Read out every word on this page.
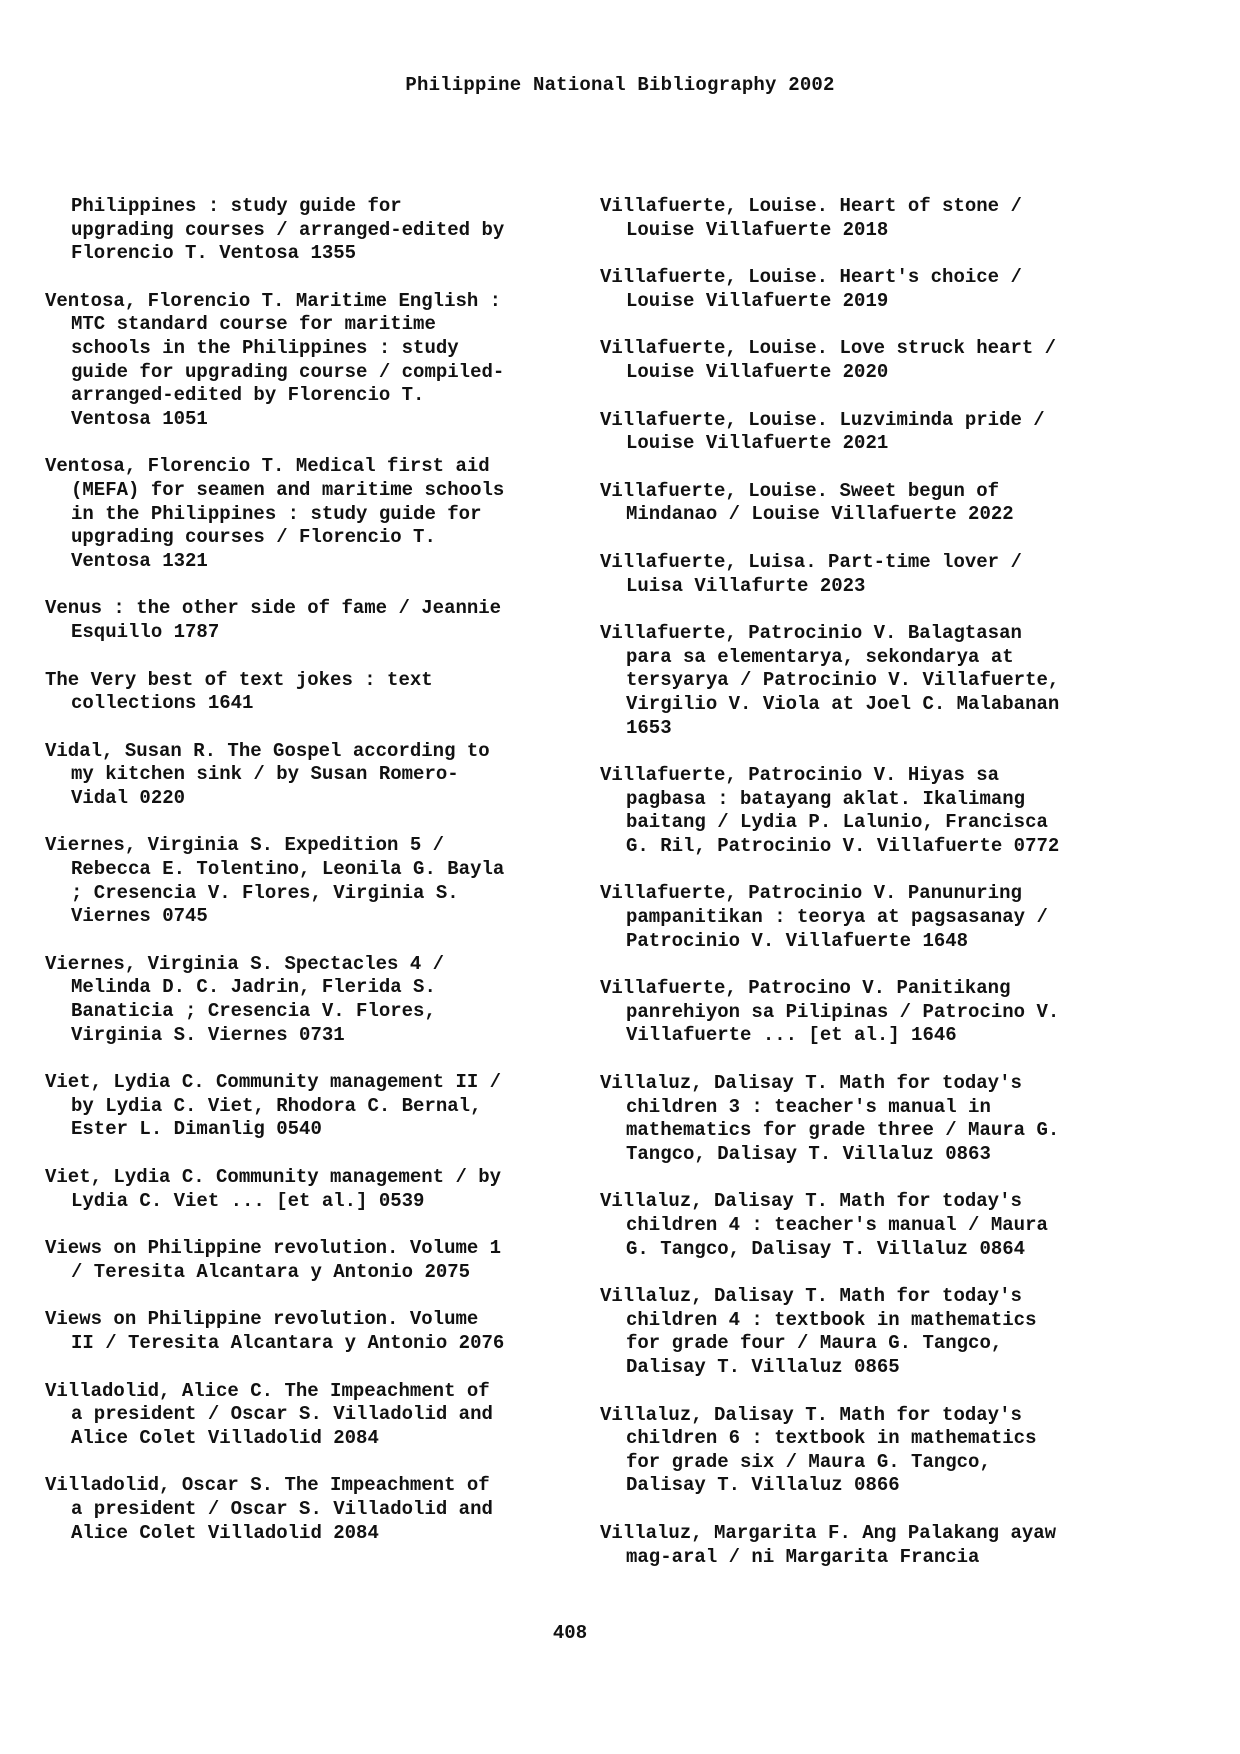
Philippine National Bibliography 2002

Philippines : study guide for
upgrading courses / arranged-edited by
Florencio T. Ventosa 1355

Ventosa, Florencio T. Maritime English :
MTC standard course for maritime
schools in the Philippines : study
guide for upgrading course / compiled-
arranged-edited by Florencio T.
Ventosa 1051

Ventosa, Florencio T. Medical first aid
(MEFA) for seamen and maritime schools
in the Philippines : study guide for
upgrading courses / Florencio T.
Ventosa 1321

Venus : the other side of fame / Jeannie
Esquillo 1787

The Very best of text jokes : text
collections 1641

Vidal, Susan R. The Gospel according to
my kitchen sink / by Susan Romero-
Vidal 0220

Viernes, Virginia S. Expedition 5 /
Rebecca E. Tolentino, Leonila G. Bayla
; Cresencia V. Flores, Virginia S.
Viernes 0745

Viernes, Virginia S. Spectacles 4 /
Melinda D. C. Jadrin, Flerida S.
Banaticia ; Cresencia V. Flores,
Virginia S. Viernes 0731

Viet, Lydia C. Community management II /
by Lydia C. Viet, Rhodora C. Bernal,
Ester L. Dimanlig 0540

Viet, Lydia C. Community management / by
Lydia C. Viet ... [et al.] 0539

Views on Philippine revolution. Volume 1
/ Teresita Alcantara y Antonio 2075

Views on Philippine revolution. Volume
II / Teresita Alcantara y Antonio 2076

Villadolid, Alice C. The Impeachment of
a president / Oscar S. Villadolid and
Alice Colet Villadolid 2084

Villadolid, Oscar S. The Impeachment of
a president / Oscar S. Villadolid and
Alice Colet Villadolid 2084

Villafuerte, Louise. Heart of stone /
Louise Villafuerte 2018

Villafuerte, Louise. Heart's choice /
Louise Villafuerte 2019

Villafuerte, Louise. Love struck heart /
Louise Villafuerte 2020

Villafuerte, Louise. Luzviminda pride /
Louise Villafuerte 2021

Villafuerte, Louise. Sweet begun of
Mindanao / Louise Villafuerte 2022

Villafuerte, Luisa. Part-time lover /
Luisa Villafurte 2023

Villafuerte, Patrocinio V. Balagtasan
para sa elementarya, sekondarya at
tersyarya / Patrocinio V. Villafuerte,
Virgilio V. Viola at Joel C. Malabanan
1653

Villafuerte, Patrocinio V. Hiyas sa
pagbasa : batayang aklat. Ikalimang
baitang / Lydia P. Lalunio, Francisca
G. Ril, Patrocinio V. Villafuerte 0772

Villafuerte, Patrocinio V. Panunuring
pampanitikan : teorya at pagsasanay /
Patrocinio V. Villafuerte 1648

Villafuerte, Patrocino V. Panitikang
panrehiyon sa Pilipinas / Patrocino V.
Villafuerte ... [et al.] 1646

Villaluz, Dalisay T. Math for today's
children 3 : teacher's manual in
mathematics for grade three / Maura G.
Tangco, Dalisay T. Villaluz 0863

Villaluz, Dalisay T. Math for today's
children 4 : teacher's manual / Maura
G. Tangco, Dalisay T. Villaluz 0864

Villaluz, Dalisay T. Math for today's
children 4 : textbook in mathematics
for grade four / Maura G. Tangco,
Dalisay T. Villaluz 0865

Villaluz, Dalisay T. Math for today's
children 6 : textbook in mathematics
for grade six / Maura G. Tangco,
Dalisay T. Villaluz 0866

Villaluz, Margarita F. Ang Palakang ayaw
mag-aral / ni Margarita Francia

408
